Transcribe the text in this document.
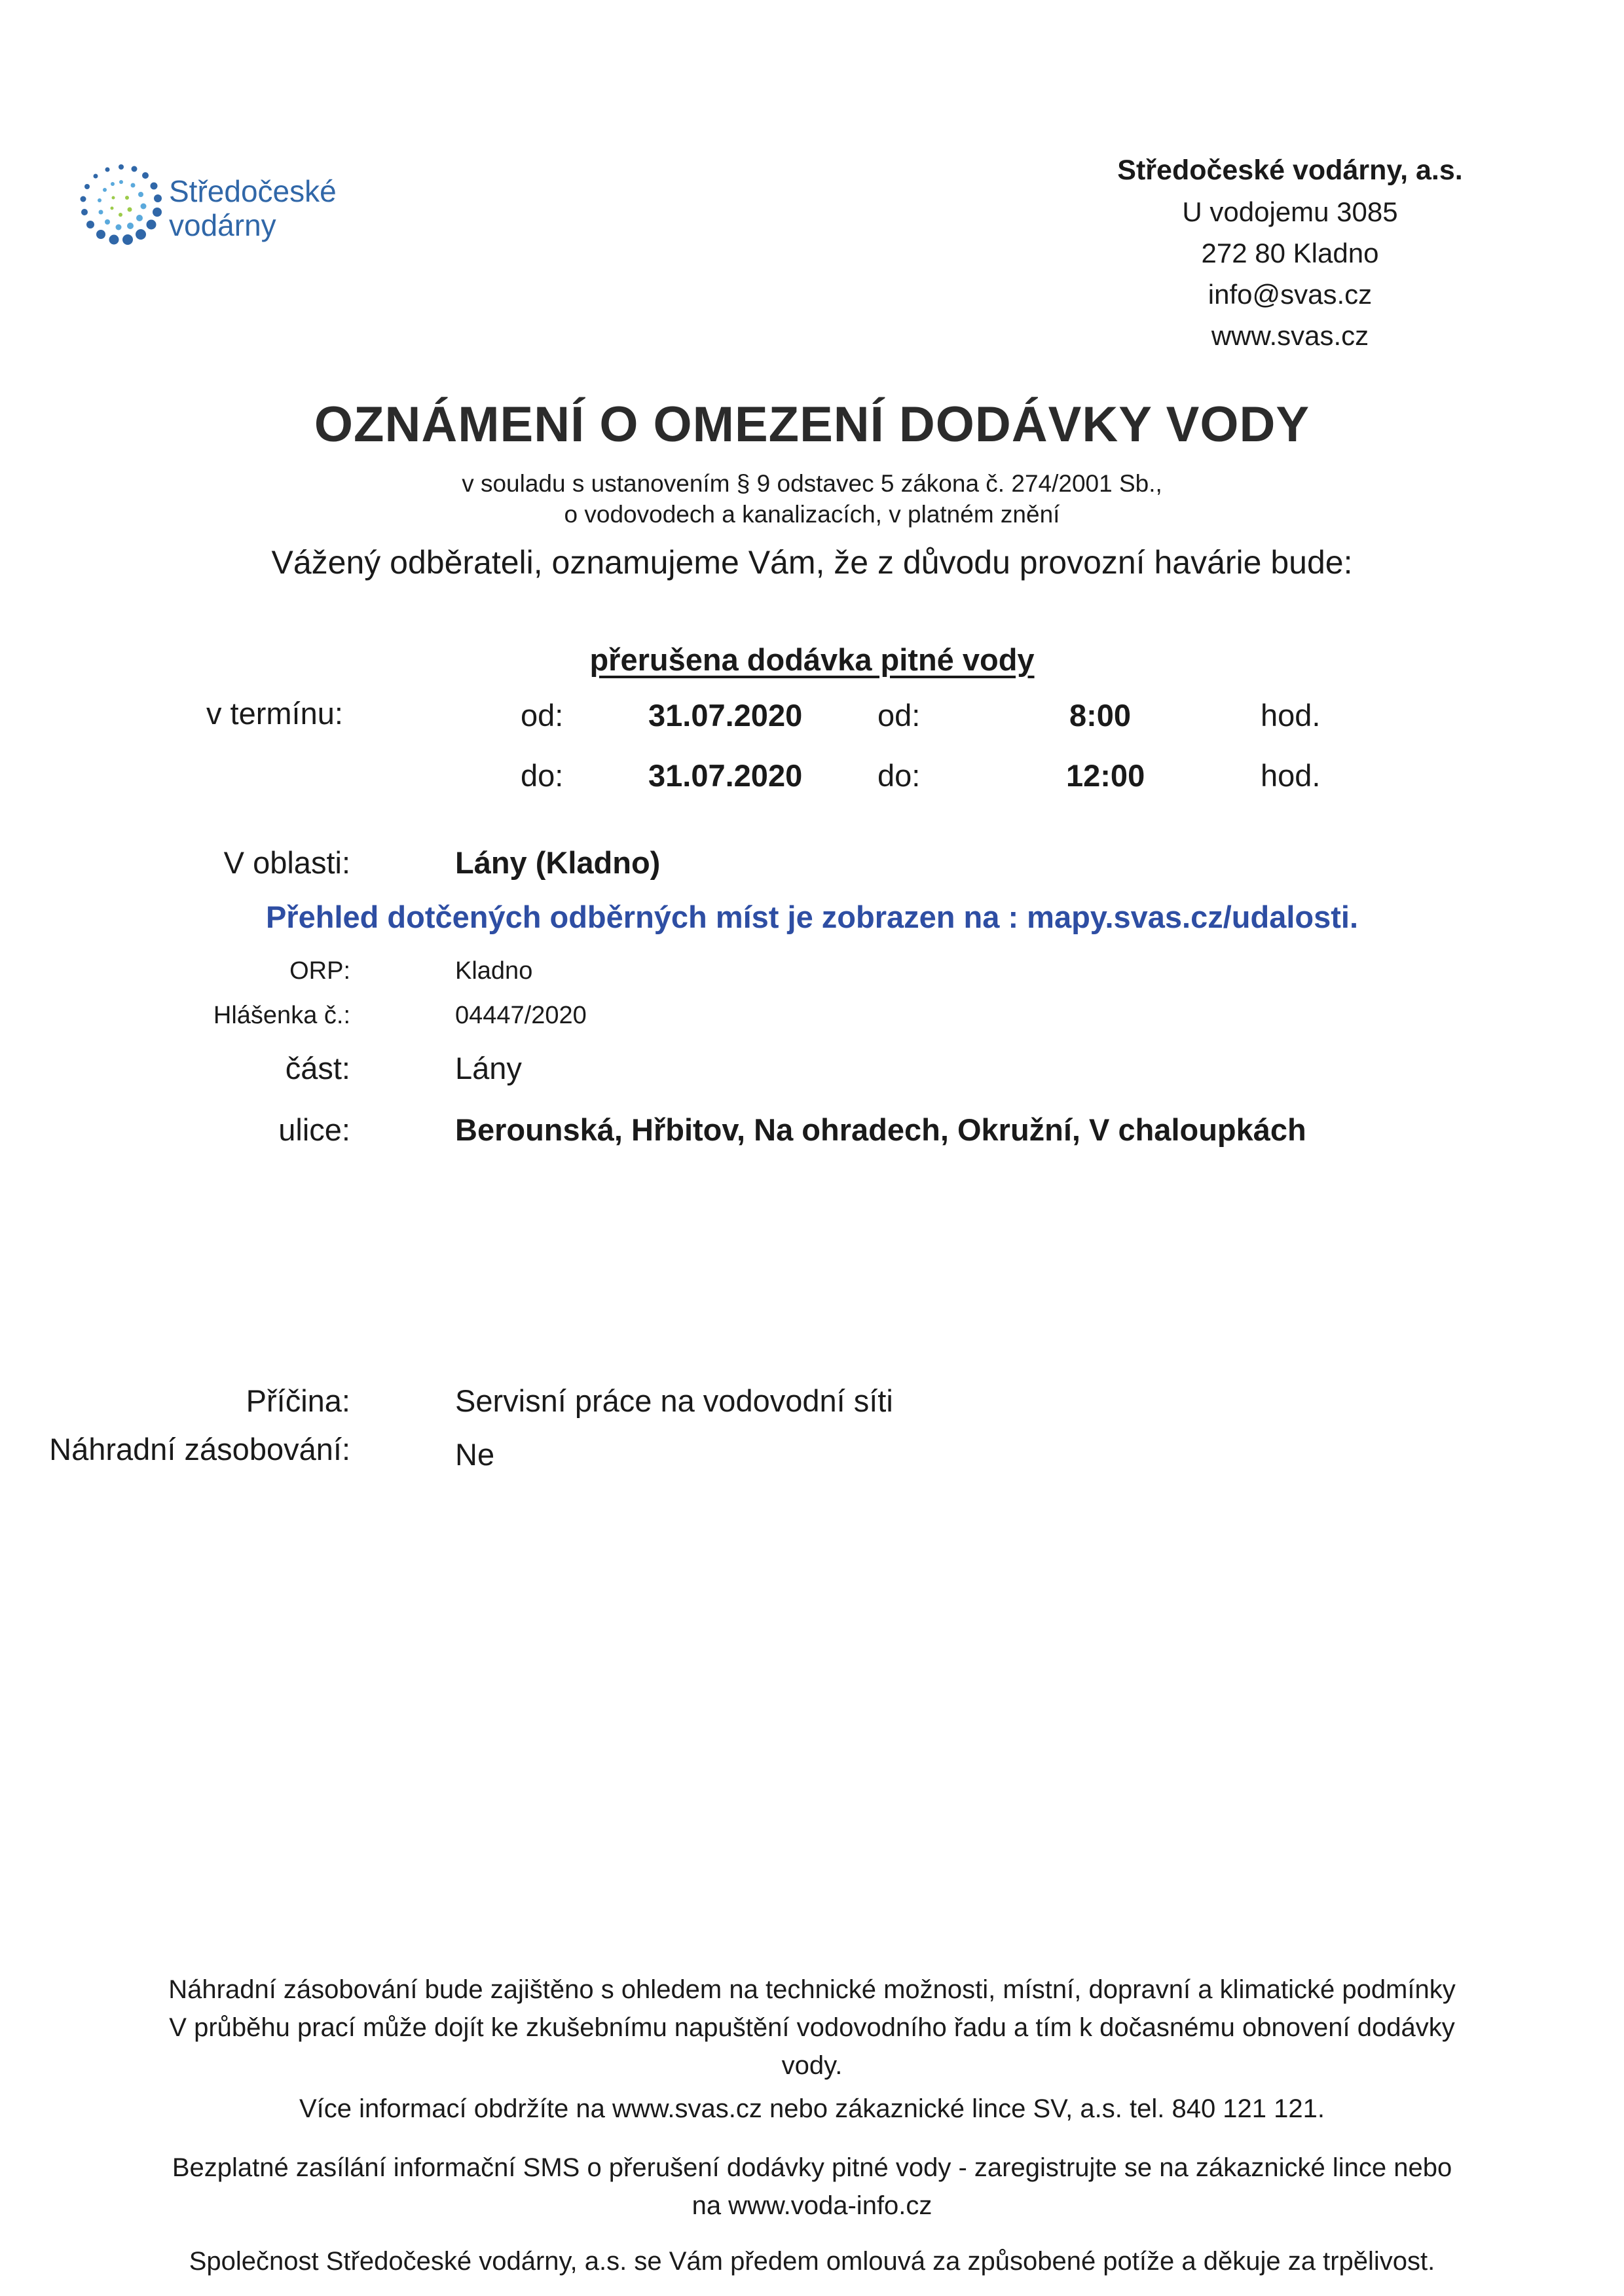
Středočeské
vodárny
Středočeské vodárny, a.s.
U vodojemu 3085
272 80 Kladno
info@svas.cz
www.svas.cz
OZNÁMENÍ O OMEZENÍ DODÁVKY VODY
v souladu s ustanovením § 9 odstavec 5 zákona č. 274/2001 Sb.,
o vodovodech a kanalizacích, v platném znění
Vážený odběrateli, oznamujeme Vám, že z důvodu provozní havárie bude:
přerušena dodávka pitné vody
v termínu:	od:	31.07.2020 od:	8:00	hod.
do:	31.07.2020 do:	12:00	hod.
V oblasti:	Lány (Kladno)
Přehled dotčených odběrných míst je zobrazen na : mapy.svas.cz/udalosti.
ORP:	Kladno
Hlášenka č.:	04447/2020
část:	Lány
ulice:	Berounská, Hřbitov, Na ohradech, Okružní, V chaloupkách
Příčina:	Servisní práce na vodovodní síti
Náhradní zásobování:	Ne
Náhradní zásobování bude zajištěno s ohledem na technické možnosti, místní, dopravní a klimatické podmínky
V průběhu prací může dojít ke zkušebnímu napuštění vodovodního řadu a tím k dočasnému obnovení dodávky
vody.
Více informací obdržíte na www.svas.cz nebo zákaznické lince SV, a.s. tel. 840 121 121.
Bezplatné zasílání informační SMS o přerušení dodávky pitné vody - zaregistrujte se na zákaznické lince nebo
na www.voda-info.cz
Společnost Středočeské vodárny, a.s. se Vám předem omlouvá za způsobené potíže a děkuje za trpělivost.
